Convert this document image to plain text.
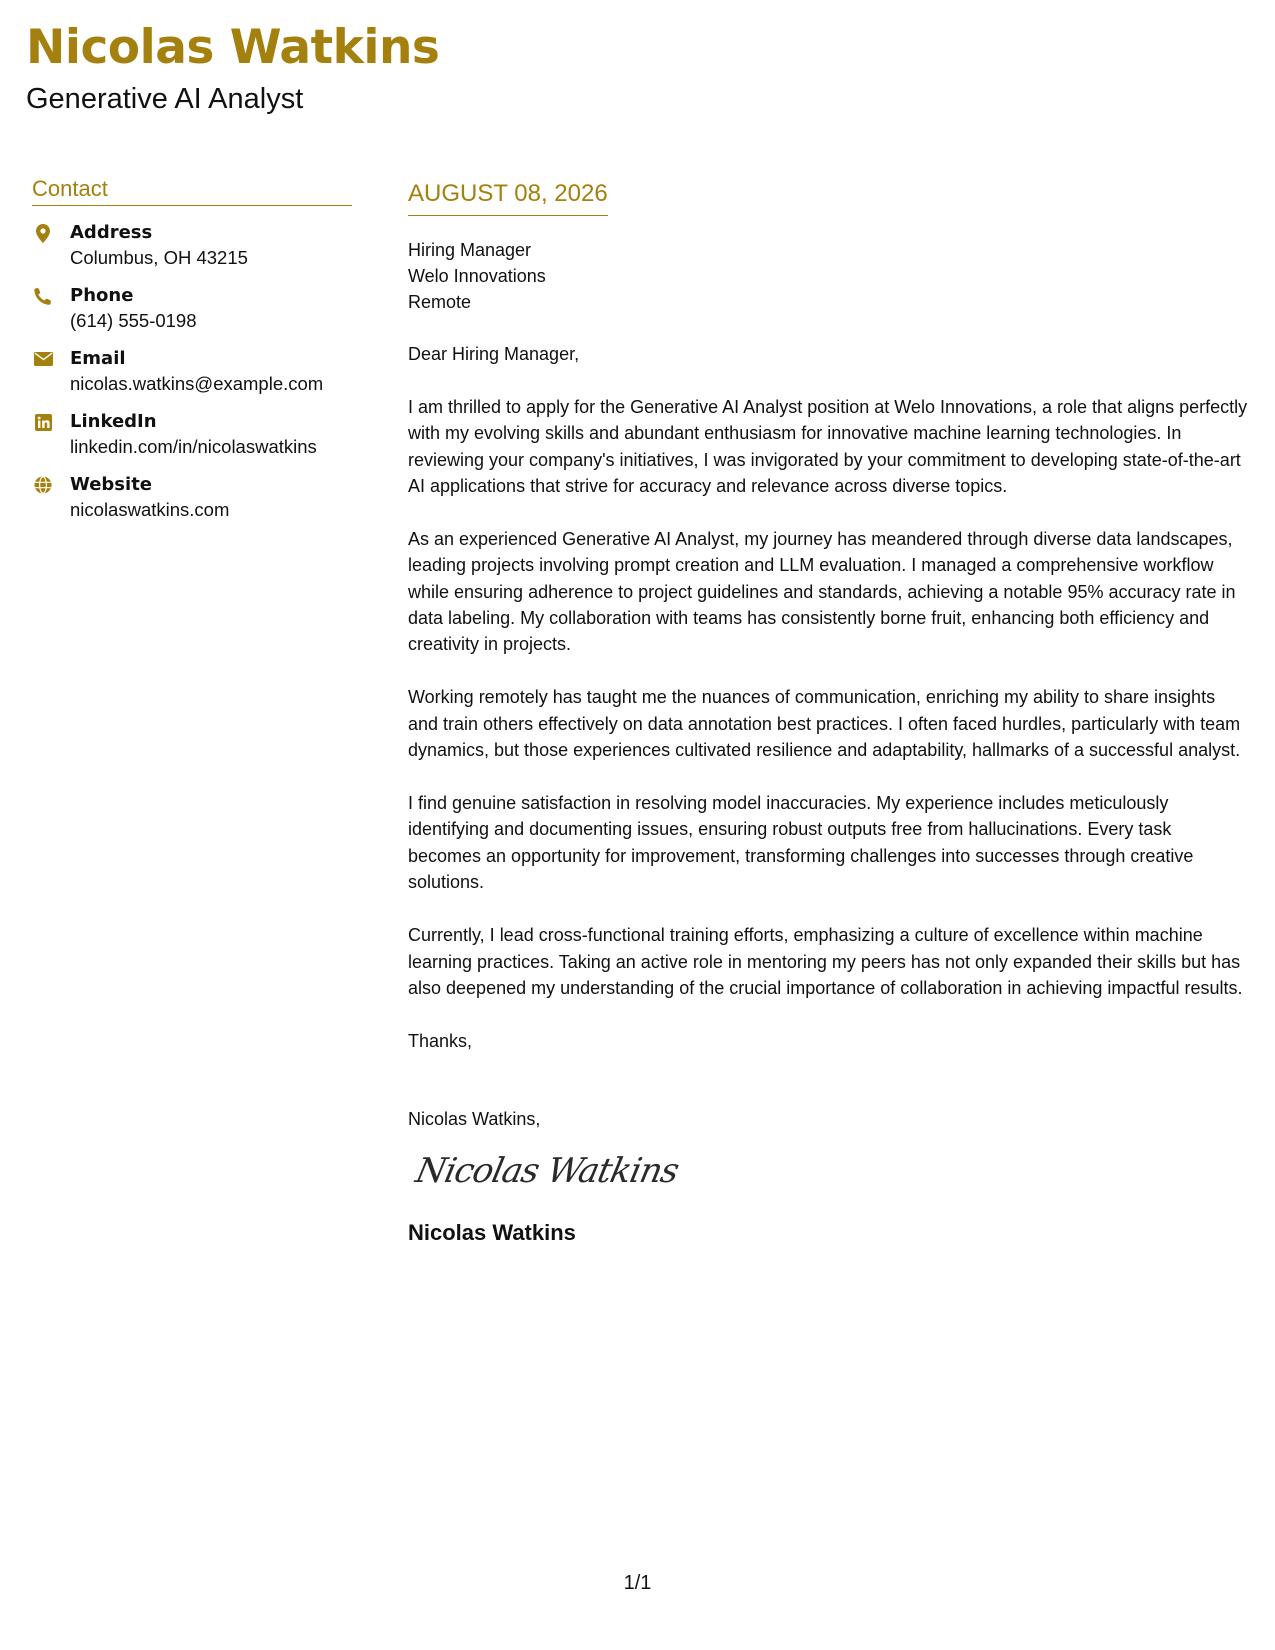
Nicolas Watkins
Generative AI Analyst
Contact
Address
Columbus, OH 43215
Phone
(614) 555-0198
Email
nicolas.watkins@example.com
LinkedIn
linkedin.com/in/nicolaswatkins
Website
nicolaswatkins.com
AUGUST 08, 2026
Hiring Manager
Welo Innovations
Remote

Dear Hiring Manager,

I am thrilled to apply for the Generative AI Analyst position at Welo Innovations, a role that aligns perfectly with my evolving skills and abundant enthusiasm for innovative machine learning technologies. In reviewing your company's initiatives, I was invigorated by your commitment to developing state-of-the-art AI applications that strive for accuracy and relevance across diverse topics.

As an experienced Generative AI Analyst, my journey has meandered through diverse data landscapes, leading projects involving prompt creation and LLM evaluation. I managed a comprehensive workflow while ensuring adherence to project guidelines and standards, achieving a notable 95% accuracy rate in data labeling. My collaboration with teams has consistently borne fruit, enhancing both efficiency and creativity in projects.

Working remotely has taught me the nuances of communication, enriching my ability to share insights and train others effectively on data annotation best practices. I often faced hurdles, particularly with team dynamics, but those experiences cultivated resilience and adaptability, hallmarks of a successful analyst.

I find genuine satisfaction in resolving model inaccuracies. My experience includes meticulously identifying and documenting issues, ensuring robust outputs free from hallucinations. Every task becomes an opportunity for improvement, transforming challenges into successes through creative solutions.

Currently, I lead cross-functional training efforts, emphasizing a culture of excellence within machine learning practices. Taking an active role in mentoring my peers has not only expanded their skills but has also deepened my understanding of the crucial importance of collaboration in achieving impactful results.

Thanks,

Nicolas Watkins,
Nicolas Watkins
Nicolas Watkins
1/1
